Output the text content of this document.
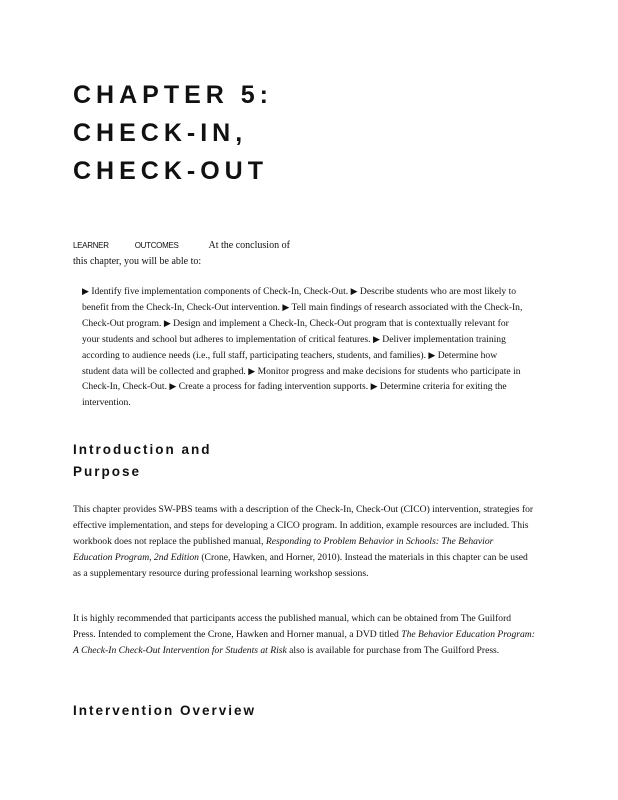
CHAPTER 5:
CHECK-IN,
CHECK-OUT
LEARNER	OUTCOMES	At the conclusion of
this chapter, you will be able to:
▶ Identify five implementation components of Check-In, Check-Out. ▶ Describe students who are most likely to benefit from the Check-In, Check-Out intervention. ▶ Tell main findings of research associated with the Check-In, Check-Out program. ▶ Design and implement a Check-In, Check-Out program that is contextually relevant for your students and school but adheres to implementation of critical features. ▶ Deliver implementation training according to audience needs (i.e., full staff, participating teachers, students, and families). ▶ Determine how student data will be collected and graphed. ▶ Monitor progress and make decisions for students who participate in Check-In, Check-Out. ▶ Create a process for fading intervention supports. ▶ Determine criteria for exiting the intervention.
Introduction and
Purpose

This chapter provides SW-PBS teams with a description of the Check-In, Check-Out (CICO) intervention, strategies for effective implementation, and steps for developing a CICO program. In addition, example resources are included. This workbook does not replace the published manual, Responding to Problem Behavior in Schools: The Behavior Education Program, 2nd Edition (Crone, Hawken, and Horner, 2010). Instead the materials in this chapter can be used as a supplementary resource during professional learning workshop sessions.

It is highly recommended that participants access the published manual, which can be obtained from The Guilford Press. Intended to complement the Crone, Hawken and Horner manual, a DVD titled The Behavior Education Program: A Check-In Check-Out Intervention for Students at Risk also is available for purchase from The Guilford Press.

Intervention Overview
